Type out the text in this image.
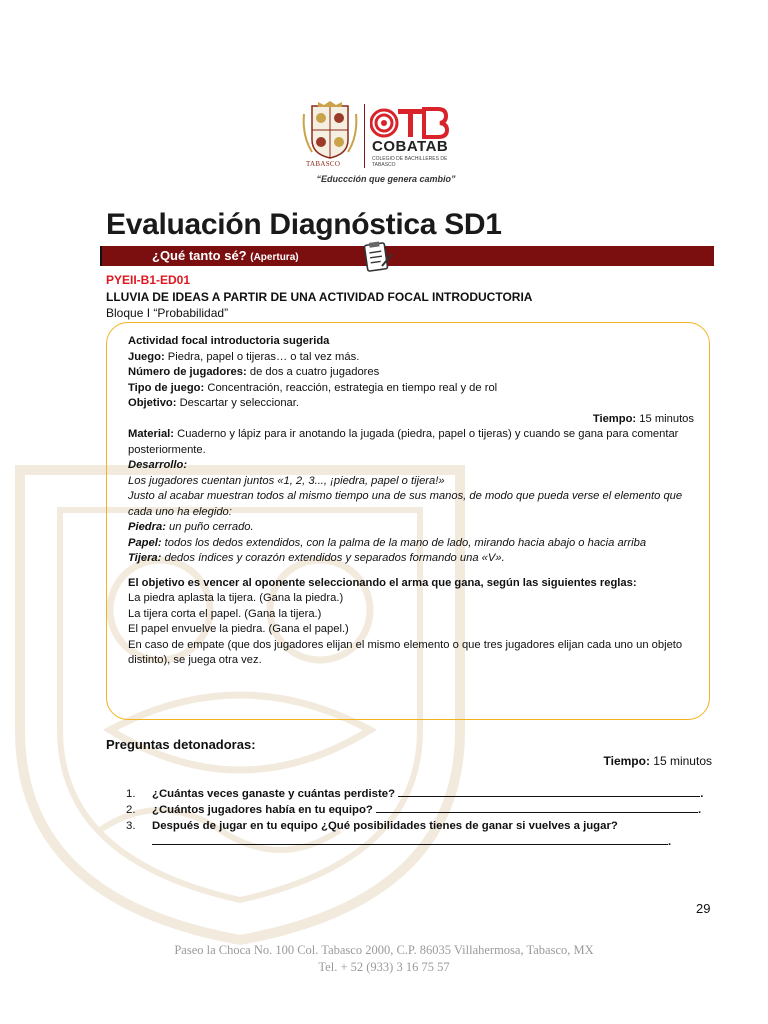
TABASCO
COBATAB
COLEGIO DE BACHILLERES DE TABASCO
“Educcción que genera cambio”
Evaluación Diagnóstica SD1
¿Qué tanto sé? (Apertura)
PYEII-B1-ED01
LLUVIA DE IDEAS A PARTIR DE UNA ACTIVIDAD FOCAL INTRODUCTORIA
Bloque I “Probabilidad”

Actividad focal introductoria sugerida

Juego: Piedra, papel o tijeras… o tal vez más.

Número de jugadores: de dos a cuatro jugadores

Tipo de juego: Concentración, reacción, estrategia en tiempo real y de rol

Objetivo: Descartar y seleccionar.

Tiempo: 15 minutos

Material: Cuaderno y lápiz para ir anotando la jugada (piedra, papel o tijeras) y cuando se gana para comentar posteriormente.

Desarrollo:

Los jugadores cuentan juntos «1, 2, 3..., ¡piedra, papel o tijera!»

Justo al acabar muestran todos al mismo tiempo una de sus manos, de modo que pueda verse el elemento que cada uno ha elegido:

Piedra: un puño cerrado.

Papel: todos los dedos extendidos, con la palma de la mano de lado, mirando hacia abajo o hacia arriba

Tijera: dedos índices y corazón extendidos y separados formando una «V».

El objetivo es vencer al oponente seleccionando el arma que gana, según las siguientes reglas:

La piedra aplasta la tijera. (Gana la piedra.)

La tijera corta el papel. (Gana la tijera.)

El papel envuelve la piedra. (Gana el papel.)

En caso de empate (que dos jugadores elijan el mismo elemento o que tres jugadores elijan cada uno un objeto distinto), se juega otra vez.

Preguntas detonadoras:
Tiempo: 15 minutos
1.	¿Cuántas veces ganaste y cuántas perdiste?	.
2.	¿Cuántos jugadores había en tu equipo?	.
3.	Después de jugar en tu equipo ¿Qué posibilidades tienes de ganar si vuelves a jugar?
.
29

Paseo la Choca No. 100 Col. Tabasco 2000, C.P. 86035 Villahermosa, Tabasco, MX

Tel. + 52 (933) 3 16 75 57
